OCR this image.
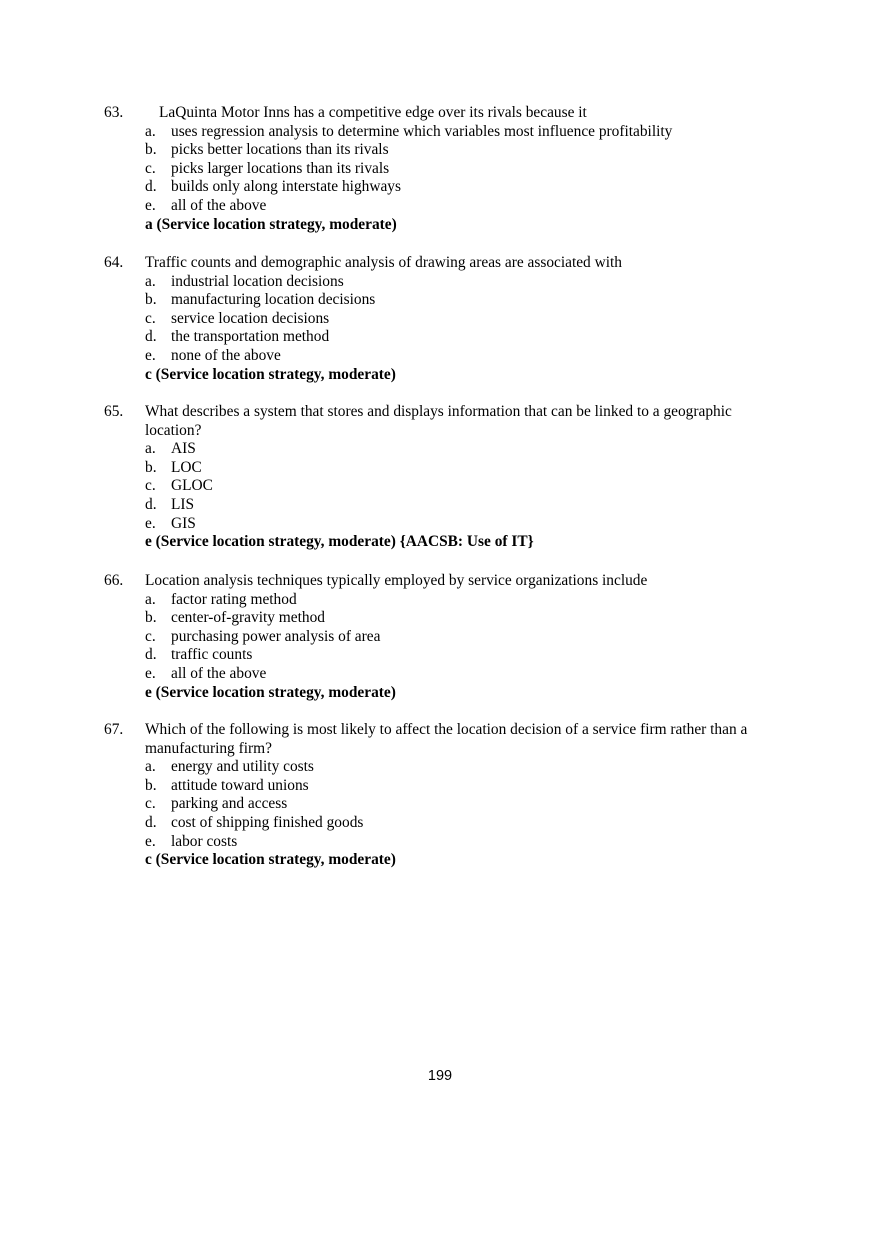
63. LaQuinta Motor Inns has a competitive edge over its rivals because it

a. uses regression analysis to determine which variables most influence profitability
b. picks better locations than its rivals
c. picks larger locations than its rivals
d. builds only along interstate highways
e. all of the above

a (Service location strategy, moderate)

64. Traffic counts and demographic analysis of drawing areas are associated with

a. industrial location decisions
b. manufacturing location decisions
c. service location decisions
d. the transportation method
e. none of the above

c (Service location strategy, moderate)

65. What describes a system that stores and displays information that can be linked to a geographic

location?

a. AIS
b. LOC
c. GLOC
d. LIS
e. GIS

e (Service location strategy, moderate) {AACSB: Use of IT}

66. Location analysis techniques typically employed by service organizations include

a. factor rating method
b. center-of-gravity method
c. purchasing power analysis of area
d. traffic counts
e. all of the above

e (Service location strategy, moderate)

67. Which of the following is most likely to affect the location decision of a service firm rather than a

manufacturing firm?

a. energy and utility costs
b. attitude toward unions
c. parking and access
d. cost of shipping finished goods
e. labor costs

c (Service location strategy, moderate)

199
